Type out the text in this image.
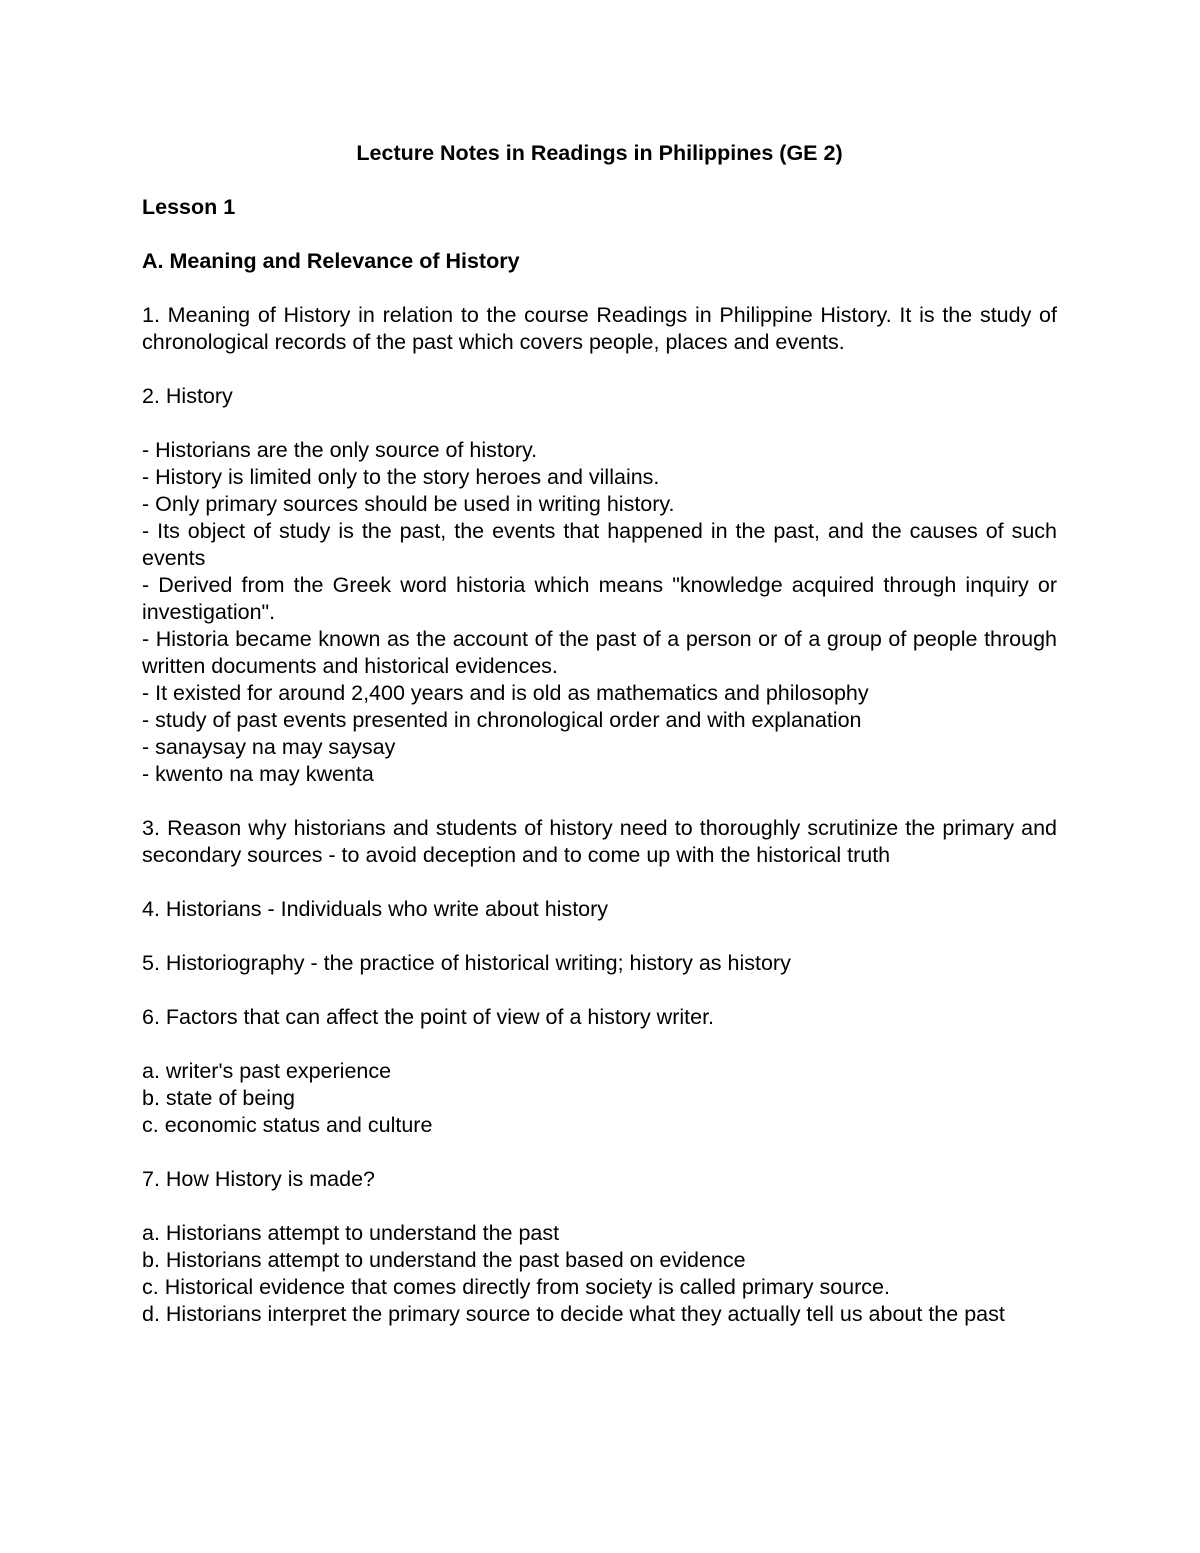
Lecture Notes in Readings in Philippines (GE 2)
Lesson 1
A. Meaning and Relevance of History
1. Meaning of History in relation to the course Readings in Philippine History. It is the study of chronological records of the past which covers people, places and events.
2. History
- Historians are the only source of history.
- History is limited only to the story heroes and villains.
- Only primary sources should be used in writing history.
- Its object of study is the past, the events that happened in the past, and the causes of such events
- Derived from the Greek word historia which means "knowledge acquired through inquiry or investigation".
- Historia became known as the account of the past of a person or of a group of people through written documents and historical evidences.
- It existed for around 2,400 years and is old as mathematics and philosophy
- study of past events presented in chronological order and with explanation
- sanaysay na may saysay
- kwento na may kwenta
3. Reason why historians and students of history need to thoroughly scrutinize the primary and secondary sources - to avoid deception and to come up with the historical truth
4. Historians - Individuals who write about history
5. Historiography - the practice of historical writing; history as history
6. Factors that can affect the point of view of a history writer.
a. writer's past experience
b. state of being
c. economic status and culture
7. How History is made?
a. Historians attempt to understand the past
b. Historians attempt to understand the past based on evidence
c. Historical evidence that comes directly from society is called primary source.
d. Historians interpret the primary source to decide what they actually tell us about the past
